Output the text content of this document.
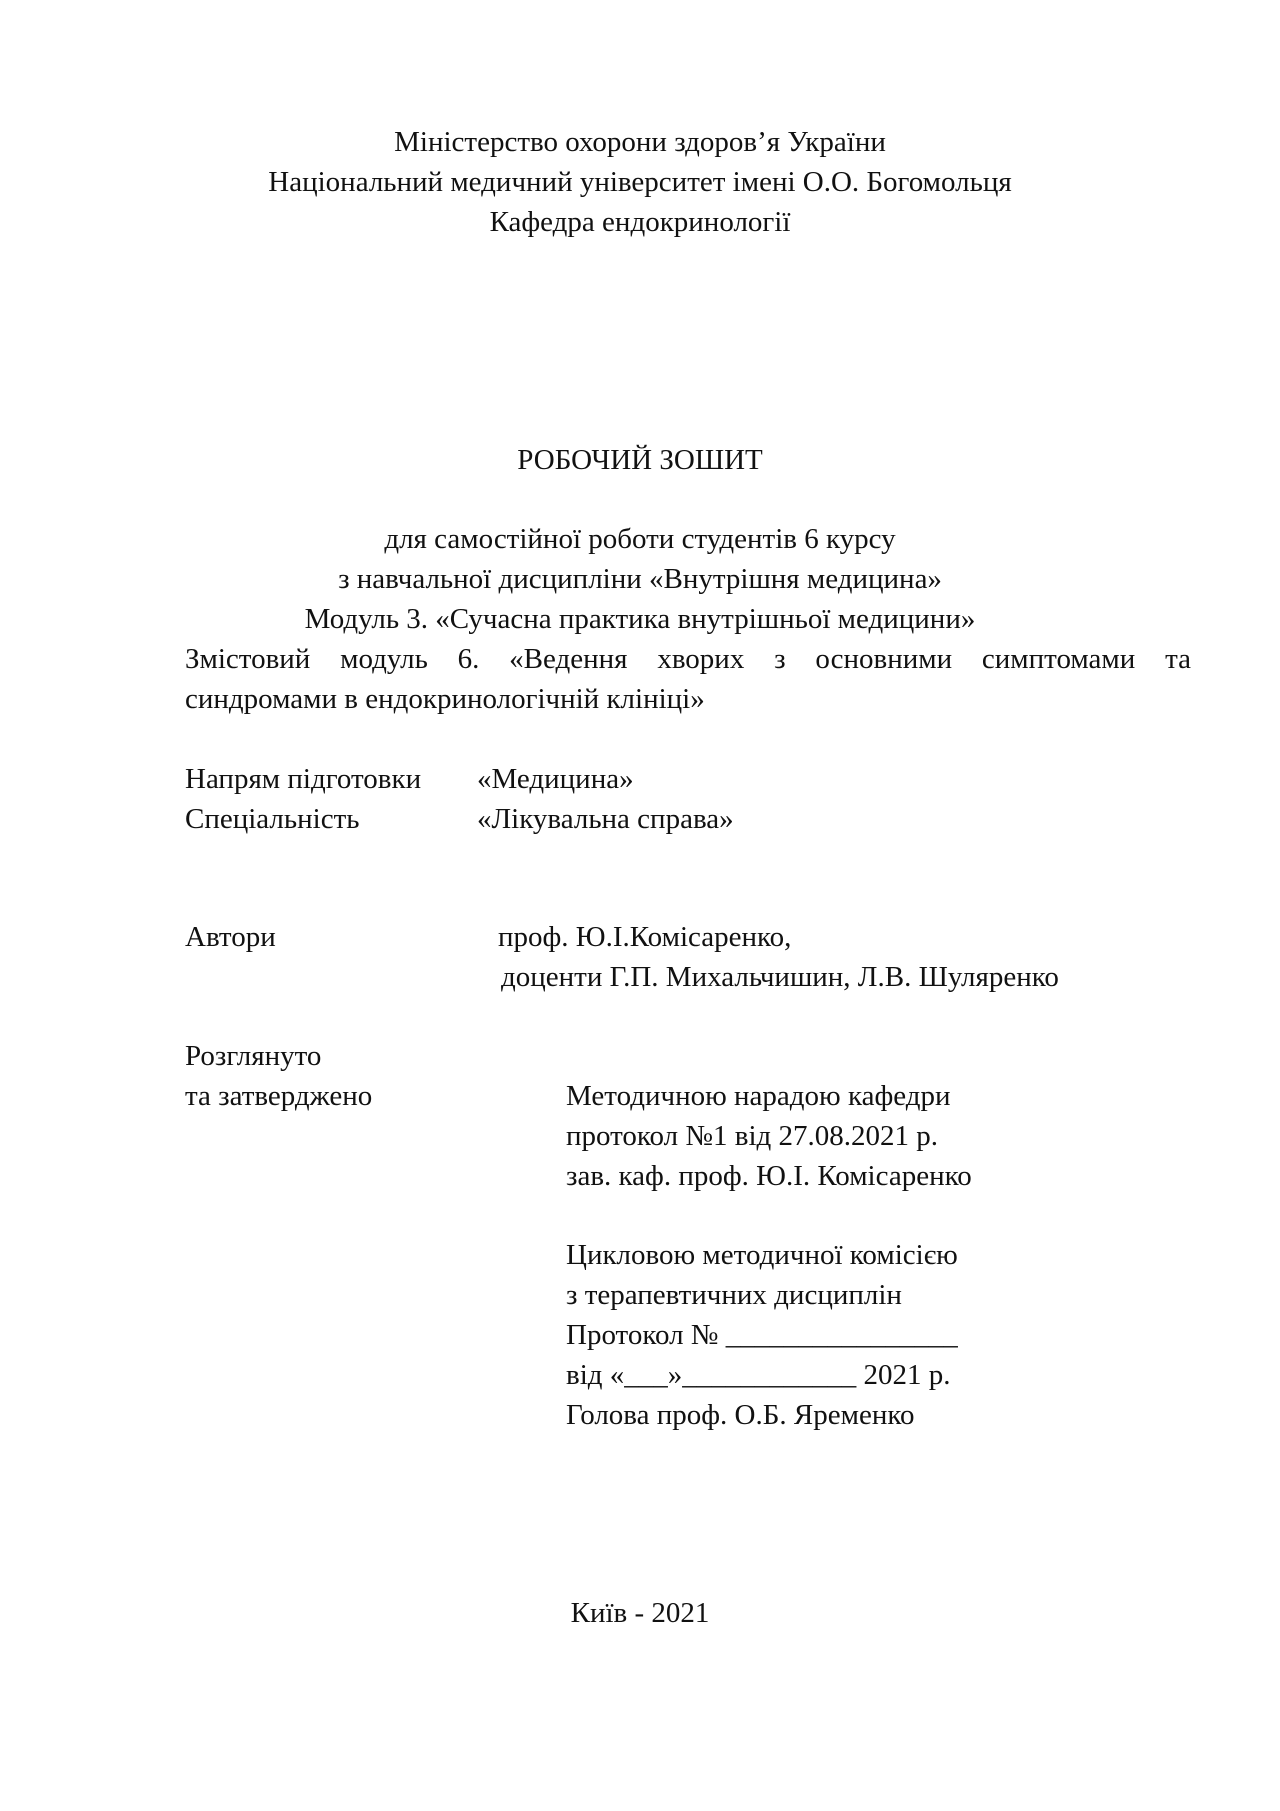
Міністерство охорони здоров’я України
Національний медичний університет імені О.О. Богомольця
Кафедра ендокринології
РОБОЧИЙ ЗОШИТ
для самостійної роботи студентів 6 курсу
з навчальної дисципліни «Внутрішня медицина»
Модуль 3. «Сучасна практика внутрішньої медицини»
Змістовий модуль 6. «Ведення хворих з основними симптомами та
синдромами в ендокринологічній клініці»
Напрям підготовки «Медицина»
Спеціальність	«Лікувальна справа»
Автори	проф. Ю.І.Комісаренко,
доценти Г.П. Михальчишин, Л.В. Шуляренко
Розглянуто
та затверджено	Методичною нарадою кафедри
протокол №1 від 27.08.2021 р.
зав. каф. проф. Ю.І. Комісаренко
Цикловою методичної комісією
з терапевтичних дисциплін
Протокол № ________________
від «___»____________ 2021 р.
Голова проф. О.Б. Яременко
Київ - 2021
